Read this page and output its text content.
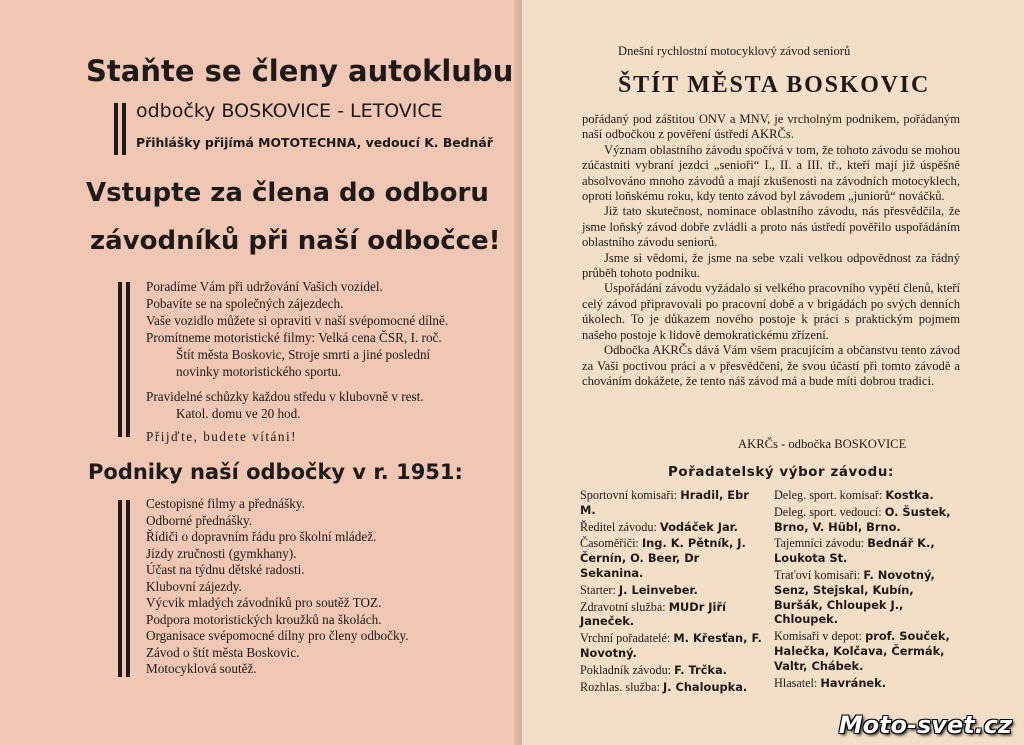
Staňte se členy autoklubu
odbočky BOSKOVICE - LETOVICE
Přihlášky přijímá MOTOTECHNA, vedoucí K. Bednář
Vstupte za člena do odboru
závodníků při naší odbočce!
Poradíme Vám při udržování Vašich vozidel.
Pobavíte se na společných zájezdech.
Vaše vozidlo můžete si opraviti v naší svépomocné dílně.
Promítneme motoristické filmy: Velká cena ČSR, I. roč.
Štít města Boskovic, Stroje smrti a jiné poslední
novinky motoristického sportu.
Pravidelné schůzky každou středu v klubovně v rest.
Katol. domu ve 20 hod.
Přijďte, budete vítáni!
Podniky naší odbočky v r. 1951:
Cestopisné filmy a přednášky.
Odborné přednášky.
Řídiči o dopravním řádu pro školní mládež.
Jízdy zručnosti (gymkhany).
Účast na týdnu dětské radosti.
Klubovní zájezdy.
Výcvik mladých závodníků pro soutěž TOZ.
Podpora motoristických kroužků na školách.
Organisace svépomocné dílny pro členy odbočky.
Závod o štít města Boskovic.
Motocyklová soutěž.
Dnešní rychlostní motocyklový závod seniorů
ŠTÍT MĚSTA BOSKOVIC

pořádaný pod záštitou ONV a MNV, je vrcholným podnikem, pořádaným naší odbočkou z pověření ústředí AKRČs.

Význam oblastního závodu spočívá v tom, že tohoto závodu se mohou zúčastniti vybraní jezdci „senioři“ I., II. a III. tř., kteří mají již úspěšně absolvováno mnoho závodů a mají zkušenosti na závodních motocyklech, oproti loňskému roku, kdy tento závod byl závodem „juniorů“ nováčků.

Již tato skutečnost, nominace oblastního závodu, nás přesvědčila, že jsme loňský závod dobře zvládli a proto nás ústředí pověřilo uspořádáním oblastního závodu seniorů.

Jsme si vědomi, že jsme na sebe vzali velkou odpovědnost za řádný průběh tohoto podniku.

Uspořádání závodu vyžádalo si velkého pracovního vypětí členů, kteří celý závod připravovali po pracovní době a v brigádách po svých denních úkolech. To je důkazem nového postoje k práci s praktickým pojmem našeho postoje k lidově demokratickému zřízení.

Odbočka AKRČs dává Vám všem pracujícím a občanstvu tento závod za Vaši poctivou práci a v přesvědčení, že svou účastí při tomto závodě a chováním dokážete, že tento náš závod má a bude míti dobrou tradici.

AKRČs - odbočka BOSKOVICE
Pořadatelský výbor závodu:
Sportovní komisaři: Hradil, Ebr M.
Ředitel závodu: Vodáček Jar.
Časoměřiči: Ing. K. Pětník, J. Černín, O. Beer, Dr Sekanina.
Starter: J. Leinveber.
Zdravotní služba: MUDr Jiří Janeček.
Vrchní pořadatelé: M. Křesťan, F. Novotný.
Pokladník závodu: F. Trčka.
Rozhlas. služba: J. Chaloupka.
Deleg. sport. komisař: Kostka.
Deleg. sport. vedoucí: O. Šustek, Brno, V. Hübl, Brno.
Tajemníci závodu: Bednář K., Loukota St.
Traťoví komisaři: F. Novotný, Senz, Stejskal, Kubín, Buršák, Chloupek J., Chloupek.
Komisaři v depot: prof. Souček, Halečka, Kolčava, Čermák, Valtr, Chábek.
Hlasatel: Havránek.
Moto-svet.cz
